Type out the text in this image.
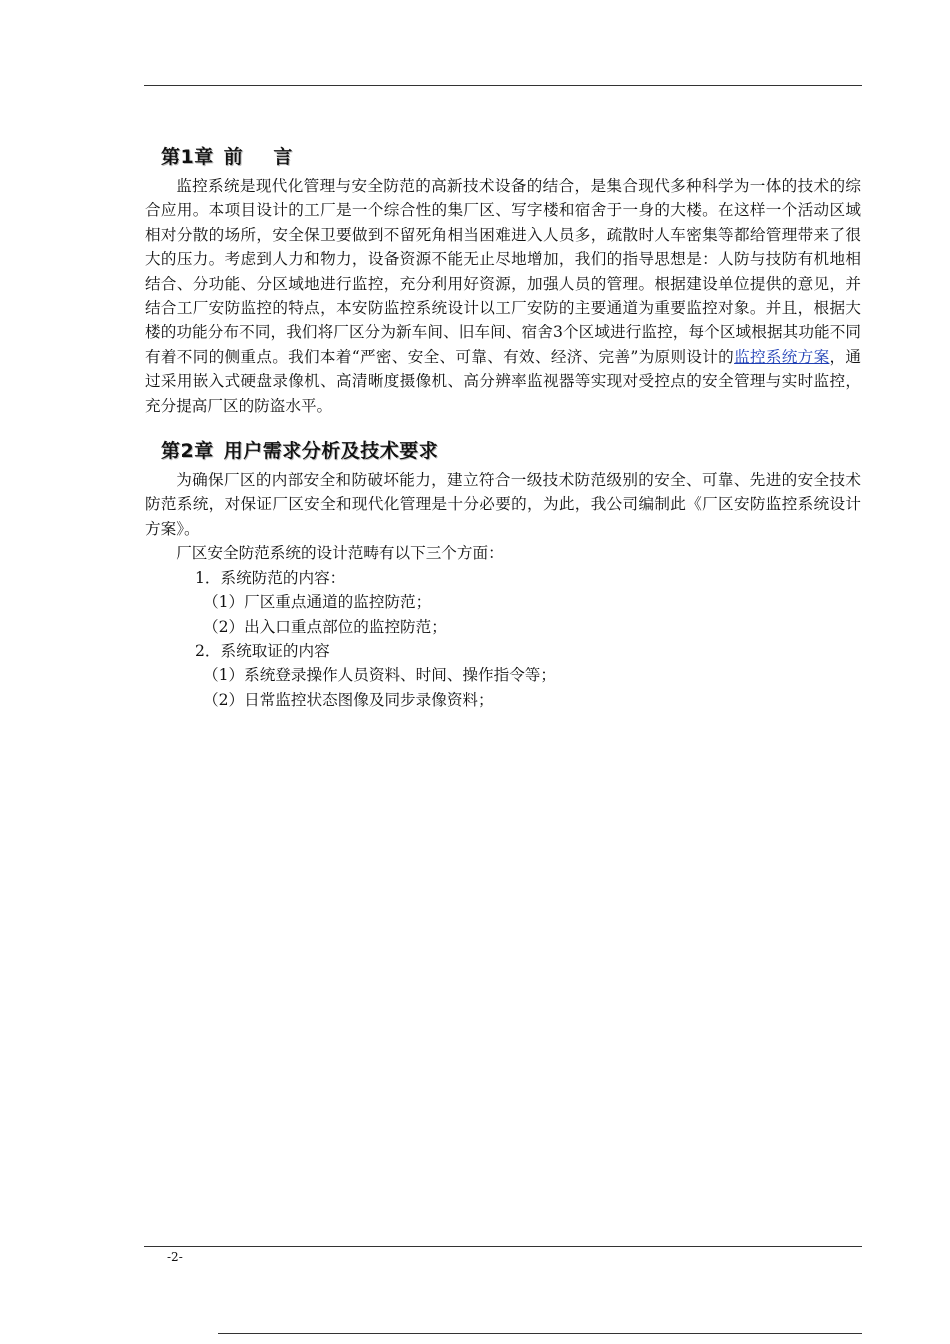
第1章 前 言

监控系统是现代化管理与安全防范的高新技术设备的结合，是集合现代多种科学为一体的技术的综合应用。本项目设计的工厂是一个综合性的集厂区、写字楼和宿舍于一身的大楼。在这样一个活动区域相对分散的场所，安全保卫要做到不留死角相当困难进入人员多，疏散时人车密集等都给管理带来了很大的压力。考虑到人力和物力，设备资源不能无止尽地增加，我们的指导思想是：人防与技防有机地相结合、分功能、分区域地进行监控，充分利用好资源，加强人员的管理。根据建设单位提供的意见，并结合工厂安防监控的特点，本安防监控系统设计以工厂安防的主要通道为重要监控对象。并且，根据大楼的功能分布不同，我们将厂区分为新车间、旧车间、宿舍3个区域进行监控，每个区域根据其功能不同有着不同的侧重点。我们本着“严密、安全、可靠、有效、经济、完善”为原则设计的监控系统方案，通过采用嵌入式硬盘录像机、高清晰度摄像机、高分辨率监视器等实现对受控点的安全管理与实时监控，充分提高厂区的防盗水平。

第2章 用户需求分析及技术要求

为确保厂区的内部安全和防破坏能力，建立符合一级技术防范级别的安全、可靠、先进的安全技术防范系统，对保证厂区安全和现代化管理是十分必要的，为此，我公司编制此《厂区安防监控系统设计方案》。

厂区安全防范系统的设计范畴有以下三个方面：

1．系统防范的内容：

（1）厂区重点通道的监控防范；

（2）出入口重点部位的监控防范；

2．系统取证的内容

（1）系统登录操作人员资料、时间、操作指令等；

（2）日常监控状态图像及同步录像资料；

-2-
